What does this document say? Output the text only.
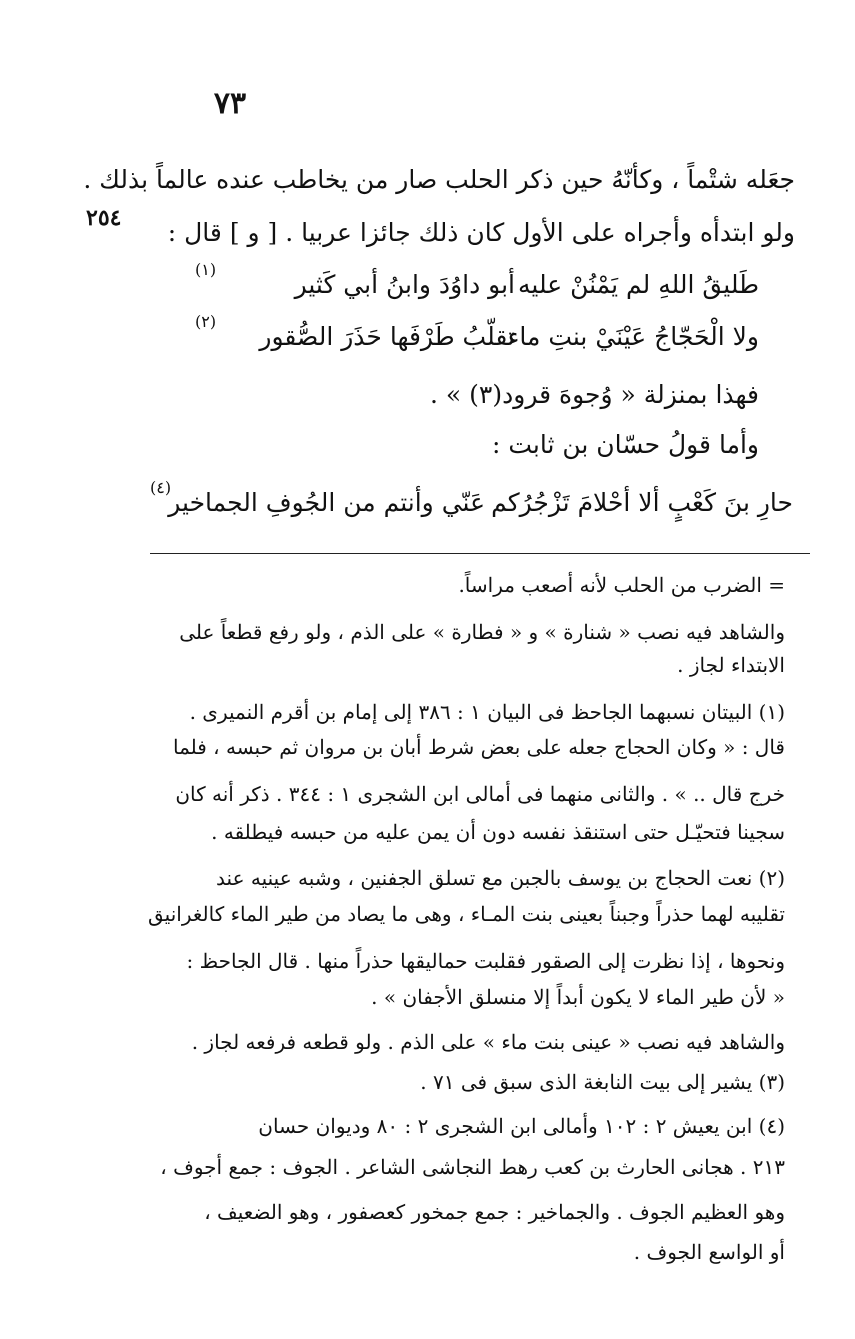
٧٣
٢٥٤
جعَله شتْماً ، وكأنّهُ حين ذكر الحلب صار من يخاطب عنده عالماً بذلك .
ولو ابتدأه وأجراه على الأول كان ذلك جائزا عربيا . [ و ] قال :
طَليقُ اللهِ لم يَمْنُنْ عليه
أبو داوُدَ وابنُ أبي كَثير
(١)
ولا الْحَجّاجُ عَيْنَيْ بنتِ ماء
تقلّبُ طَرْفَها حَذَرَ الصُّقور
(٢)
فهذا بمنزلة « وُجوهَ قرود(٣) » .
وأما قولُ حسّان بن ثابت :
حارِ بنَ كَعْبٍ ألا أحْلامَ تَزْجُرُكم
عَنّي وأنتم من الجُوفِ الجماخير
(٤)
= الضرب من الحلب لأنه أصعب مراساً.
والشاهد فيه نصب « شنارة » و « فطارة » على الذم ، ولو رفع قطعاً على
الابتداء لجاز .
(١) البيتان نسبهما الجاحظ فى البيان ١ : ٣٨٦ إلى إمام بن أقرم النميرى .
قال : « وكان الحجاج جعله على بعض شرط أبان بن مروان ثم حبسه ، فلما
خرج قال .. » . والثانى منهما فى أمالى ابن الشجرى ١ : ٣٤٤ . ذكر أنه كان
سجينا فتحيّـل حتى استنقذ نفسه دون أن يمن عليه من حبسه فيطلقه .
(٢) نعت الحجاج بن يوسف بالجبن مع تسلق الجفنين ، وشبه عينيه عند
تقليبه لهما حذراً وجبناً بعينى بنت المـاء ، وهى ما يصاد من طير الماء كالغرانيق
ونحوها ، إذا نظرت إلى الصقور فقلبت حماليقها حذراً منها . قال الجاحظ :
« لأن طير الماء لا يكون أبداً إلا منسلق الأجفان » .
والشاهد فيه نصب « عينى بنت ماء » على الذم . ولو قطعه فرفعه لجاز .
(٣) يشير إلى بيت النابغة الذى سبق فى ٧١ .
(٤) ابن يعيش ٢ : ١٠٢ وأمالى ابن الشجرى ٢ : ٨٠ وديوان حسان
٢١٣ . هجانى الحارث بن كعب رهط النجاشى الشاعر . الجوف : جمع أجوف ،
وهو العظيم الجوف . والجماخير : جمع جمخور كعصفور ، وهو الضعيف ،
أو الواسع الجوف .
